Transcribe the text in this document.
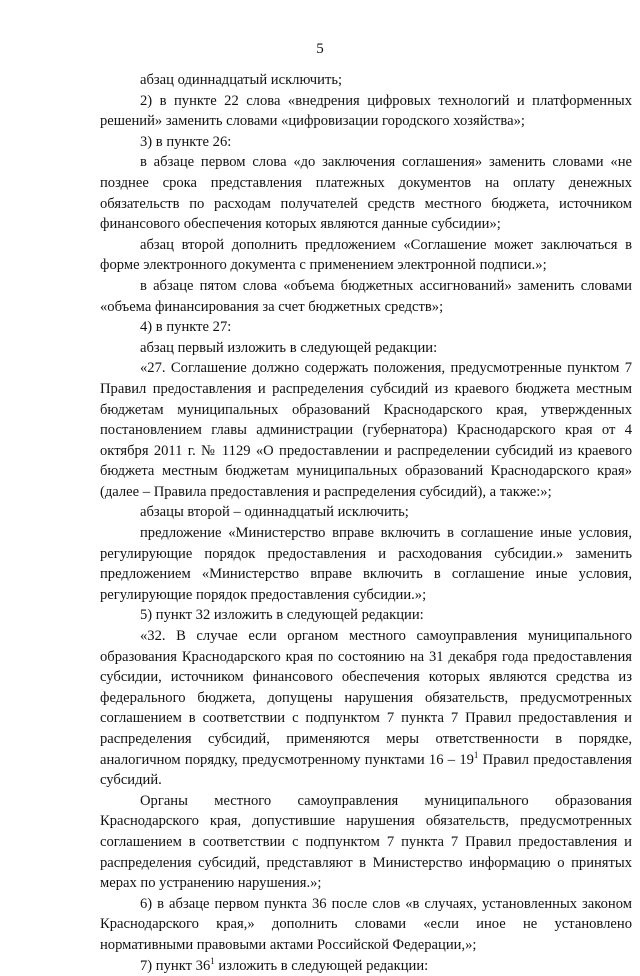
5

абзац одиннадцатый исключить;

2) в пункте 22 слова «внедрения цифровых технологий и платформенных решений» заменить словами «цифровизации городского хозяйства»;

3) в пункте 26:

в абзаце первом слова «до заключения соглашения» заменить словами «не позднее срока представления платежных документов на оплату денежных обязательств по расходам получателей средств местного бюджета, источником финансового обеспечения которых являются данные субсидии»;

абзац второй дополнить предложением «Соглашение может заключаться в форме электронного документа с применением электронной подписи.»;

в абзаце пятом слова «объема бюджетных ассигнований» заменить словами «объема финансирования за счет бюджетных средств»;

4) в пункте 27:

абзац первый изложить в следующей редакции:

«27. Соглашение должно содержать положения, предусмотренные пунктом 7 Правил предоставления и распределения субсидий из краевого бюджета местным бюджетам муниципальных образований Краснодарского края, утвержденных постановлением главы администрации (губернатора) Краснодарского края от 4 октября 2011 г. № 1129 «О предоставлении и распределении субсидий из краевого бюджета местным бюджетам муниципальных образований Краснодарского края» (далее – Правила предоставления и распределения субсидий), а также:»;

абзацы второй – одиннадцатый исключить;

предложение «Министерство вправе включить в соглашение иные условия, регулирующие порядок предоставления и расходования субсидии.» заменить предложением «Министерство вправе включить в соглашение иные условия, регулирующие порядок предоставления субсидии.»;

5) пункт 32 изложить в следующей редакции:

«32. В случае если органом местного самоуправления муниципального образования Краснодарского края по состоянию на 31 декабря года предоставления субсидии, источником финансового обеспечения которых являются средства из федерального бюджета, допущены нарушения обязательств, предусмотренных соглашением в соответствии с подпунктом 7 пункта 7 Правил предоставления и распределения субсидий, применяются меры ответственности в порядке, аналогичном порядку, предусмотренному пунктами $16 - 19^1$ Правил предоставления субсидий.

Органы местного самоуправления муниципального образования Краснодарского края, допустившие нарушения обязательств, предусмотренных соглашением в соответствии с подпунктом 7 пункта 7 Правил предоставления и распределения субсидий, представляют в Министерство информацию о принятых мерах по устранению нарушения.»;

6) в абзаце первом пункта 36 после слов «в случаях, установленных законом Краснодарского края,» дополнить словами «если иное не установлено нормативными правовыми актами Российской Федерации,»;

7) пункт $36^1$ изложить в следующей редакции:
